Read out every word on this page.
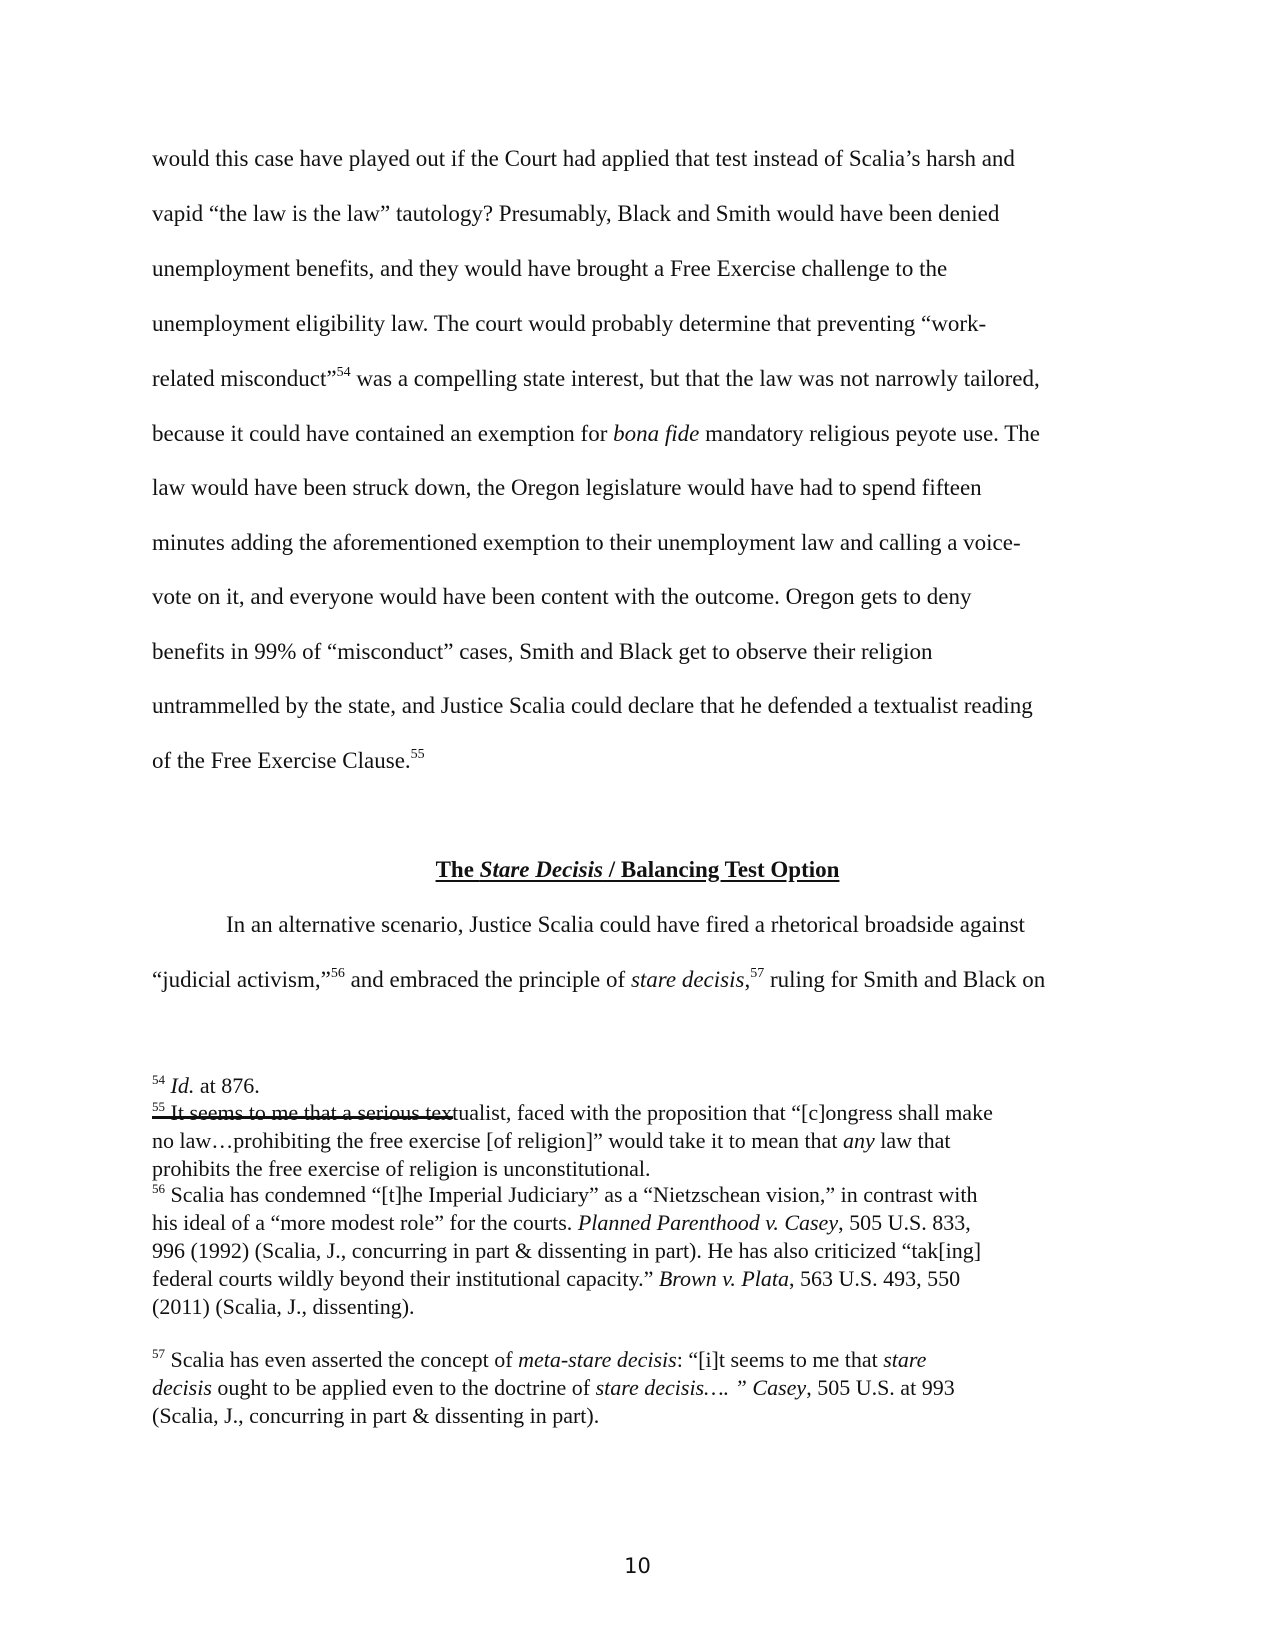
would this case have played out if the Court had applied that test instead of Scalia’s harsh and
vapid “the law is the law” tautology? Presumably, Black and Smith would have been denied
unemployment benefits, and they would have brought a Free Exercise challenge to the
unemployment eligibility law. The court would probably determine that preventing “work-
related misconduct”$^{54}$ was a compelling state interest, but that the law was not narrowly tailored,
because it could have contained an exemption for bona fide mandatory religious peyote use. The
law would have been struck down, the Oregon legislature would have had to spend fifteen
minutes adding the aforementioned exemption to their unemployment law and calling a voice-
vote on it, and everyone would have been content with the outcome. Oregon gets to deny
benefits in 99% of “misconduct” cases, Smith and Black get to observe their religion
untrammelled by the state, and Justice Scalia could declare that he defended a textualist reading
of the Free Exercise Clause.$^{55}$
In an alternative scenario, Justice Scalia could have fired a rhetorical broadside against
“judicial activism,”$^{56}$ and embraced the principle of stare decisis,$^{57}$ ruling for Smith and Black on
The Stare Decisis / Balancing Test Option
$^{54}$ Id. at 876.
$^{55}$ It seems to me that a serious textualist, faced with the proposition that “[c]ongress shall make
no law…prohibiting the free exercise [of religion]” would take it to mean that any law that
prohibits the free exercise of religion is unconstitutional.
$^{56}$ Scalia has condemned “[t]he Imperial Judiciary” as a “Nietzschean vision,” in contrast with
his ideal of a “more modest role” for the courts. Planned Parenthood v. Casey, 505 U.S. 833,
996 (1992) (Scalia, J., concurring in part & dissenting in part). He has also criticized “tak[ing]
federal courts wildly beyond their institutional capacity.” Brown v. Plata, 563 U.S. 493, 550
(2011) (Scalia, J., dissenting).
$^{57}$ Scalia has even asserted the concept of meta-stare decisis: “[i]t seems to me that stare
decisis ought to be applied even to the doctrine of stare decisis…. ” Casey, 505 U.S. at 993
(Scalia, J., concurring in part & dissenting in part).
10
